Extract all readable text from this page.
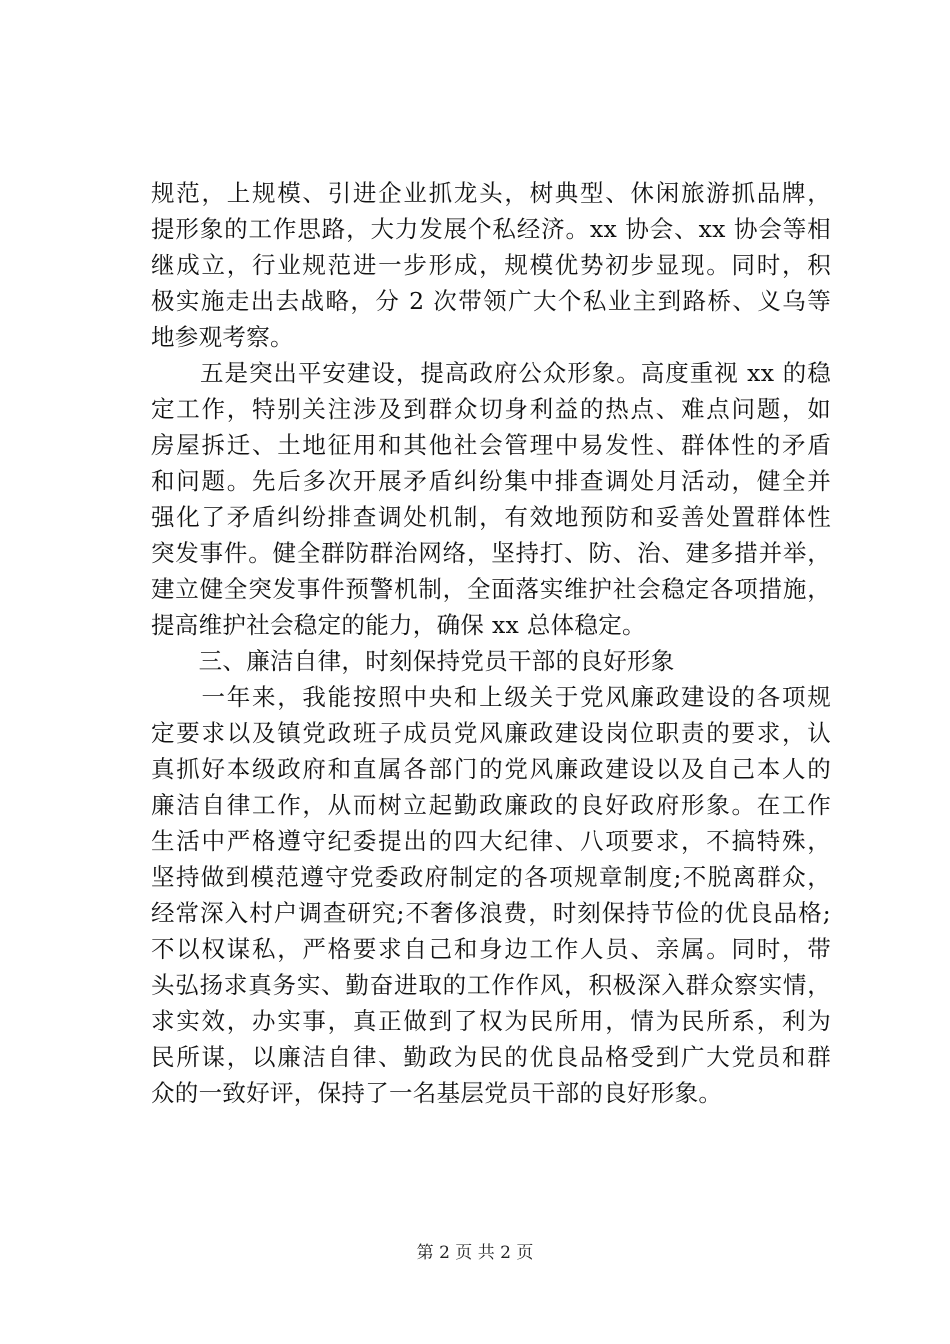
规范，上规模、引进企业抓龙头，树典型、休闲旅游抓品牌，
提形象的工作思路，大力发展个私经济。xx 协会、xx 协会等相
继成立，行业规范进一步形成，规模优势初步显现。同时，积
极实施走出去战略，分 2 次带领广大个私业主到路桥、义乌等
地参观考察。
　　五是突出平安建设，提高政府公众形象。高度重视 xx 的稳
定工作，特别关注涉及到群众切身利益的热点、难点问题，如
房屋拆迁、土地征用和其他社会管理中易发性、群体性的矛盾
和问题。先后多次开展矛盾纠纷集中排查调处月活动，健全并
强化了矛盾纠纷排查调处机制，有效地预防和妥善处置群体性
突发事件。健全群防群治网络，坚持打、防、治、建多措并举，
建立健全突发事件预警机制，全面落实维护社会稳定各项措施，
提高维护社会稳定的能力，确保 xx 总体稳定。
　　三、廉洁自律，时刻保持党员干部的良好形象
　　一年来，我能按照中央和上级关于党风廉政建设的各项规
定要求以及镇党政班子成员党风廉政建设岗位职责的要求，认
真抓好本级政府和直属各部门的党风廉政建设以及自己本人的
廉洁自律工作，从而树立起勤政廉政的良好政府形象。在工作
生活中严格遵守纪委提出的四大纪律、八项要求，不搞特殊，
坚持做到模范遵守党委政府制定的各项规章制度;不脱离群众，
经常深入村户调查研究;不奢侈浪费，时刻保持节俭的优良品格;
不以权谋私，严格要求自己和身边工作人员、亲属。同时，带
头弘扬求真务实、勤奋进取的工作作风，积极深入群众察实情，
求实效，办实事，真正做到了权为民所用，情为民所系，利为
民所谋，以廉洁自律、勤政为民的优良品格受到广大党员和群
众的一致好评，保持了一名基层党员干部的良好形象。
第 2 页 共 2 页
